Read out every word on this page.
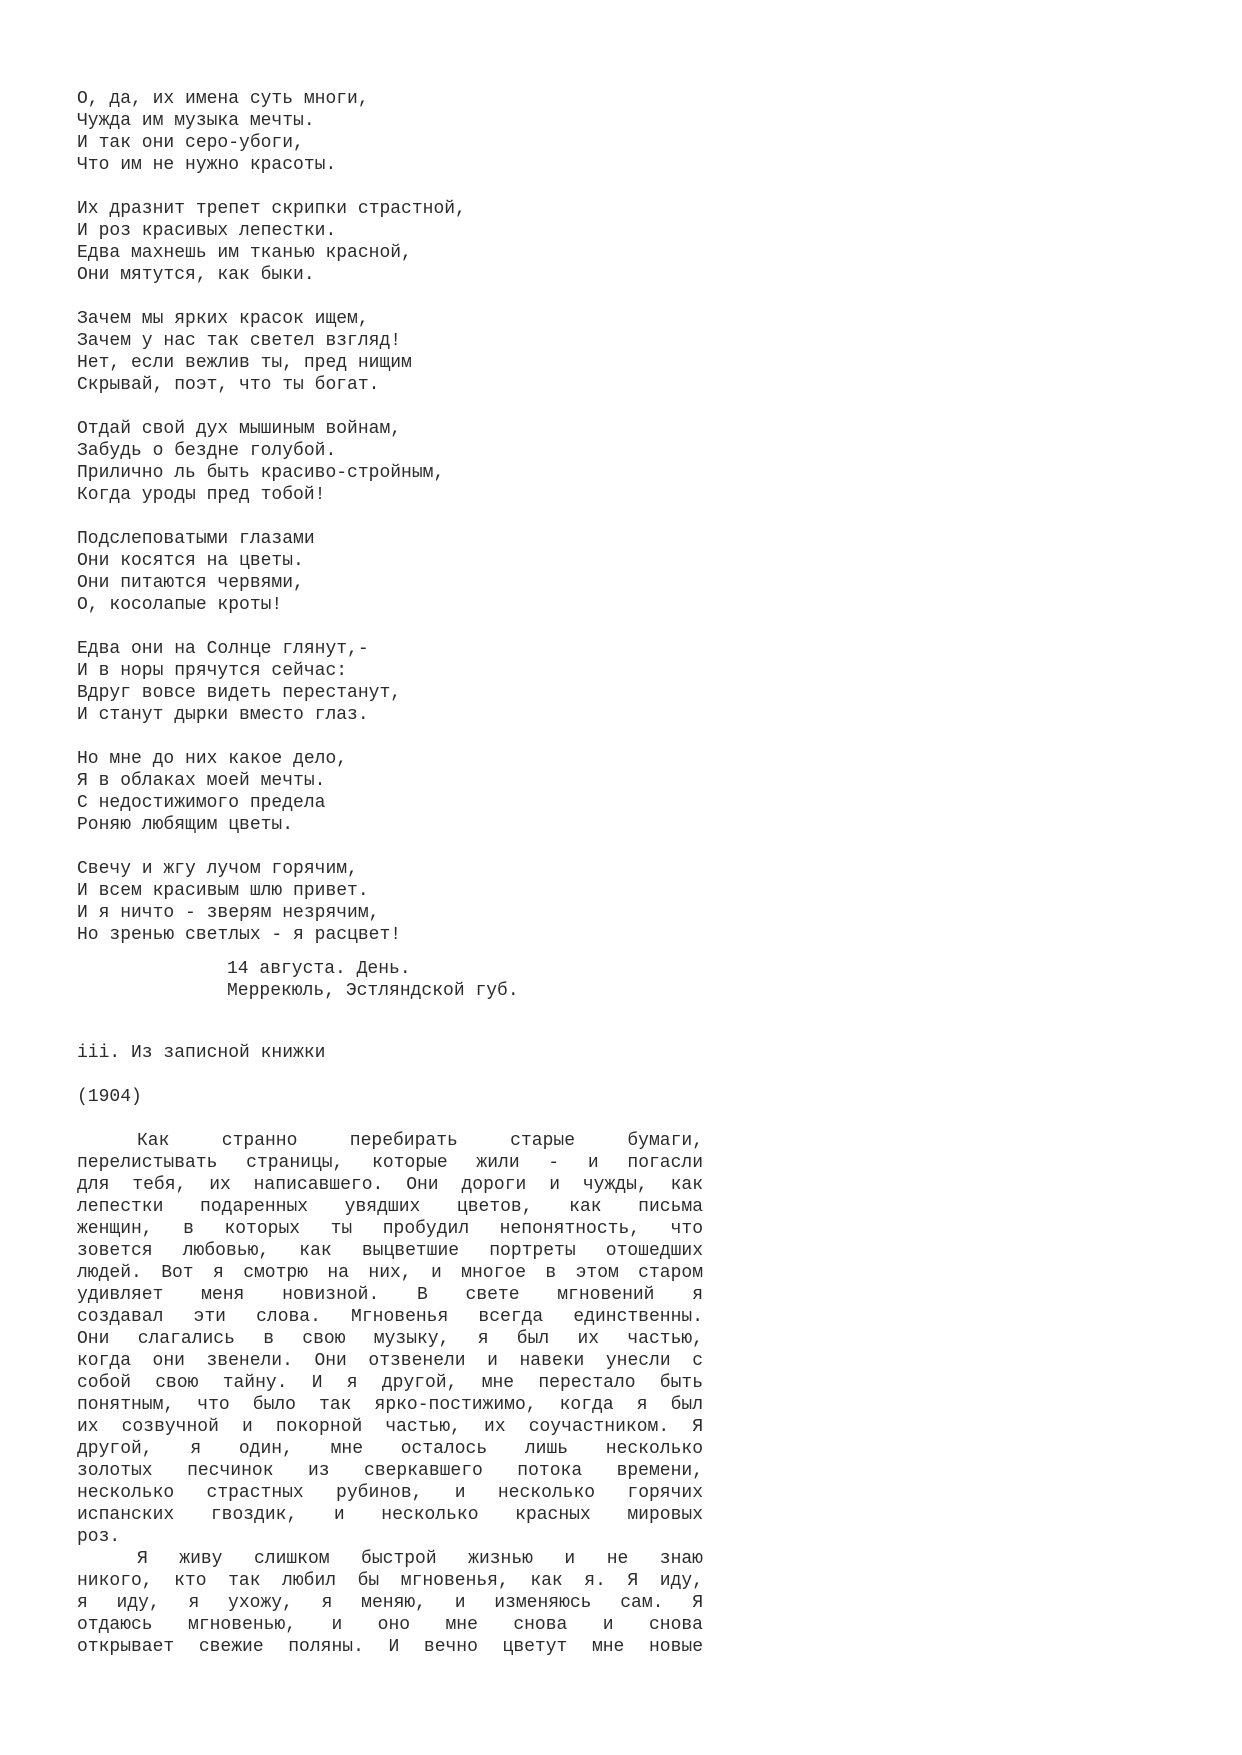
О, да, их имена суть многи,
Чужда им музыка мечты.
И так они серо-убоги,
Что им не нужно красоты.
Их дразнит трепет скрипки страстной,
И роз красивых лепестки.
Едва махнешь им тканью красной,
Они мятутся, как быки.
Зачем мы ярких красок ищем,
Зачем у нас так светел взгляд!
Нет, если вежлив ты, пред нищим
Скрывай, поэт, что ты богат.
Отдай свой дух мышиным войнам,
Забудь о бездне голубой.
Прилично ль быть красиво-стройным,
Когда уроды пред тобой!
Подслеповатыми глазами
Они косятся на цветы.
Они питаются червями,
О, косолапые кроты!
Едва они на Солнце глянут,-
И в норы прячутся сейчас:
Вдруг вовсе видеть перестанут,
И станут дырки вместо глаз.
Но мне до них какое дело,
Я в облаках моей мечты.
С недостижимого предела
Роняю любящим цветы.
Свечу и жгу лучом горячим,
И всем красивым шлю привет.
И я ничто - зверям незрячим,
Но зренью светлых - я расцвет!
14 августа. День.
Меррекюль, Эстляндской губ.
iii. Из записной книжки
(1904)
Как странно перебирать старые бумаги,
перелистывать страницы, которые жили - и погасли
для тебя, их написавшего. Они дороги и чужды, как
лепестки подаренных увядших цветов, как письма
женщин, в которых ты пробудил непонятность, что
зовется любовью, как выцветшие портреты отошедших
людей. Вот я смотрю на них, и многое в этом старом
удивляет меня новизной. В свете мгновений я
создавал эти слова. Мгновенья всегда единственны.
Они слагались в свою музыку, я был их частью,
когда они звенели. Они отзвенели и навеки унесли с
собой свою тайну. И я другой, мне перестало быть
понятным, что было так ярко-постижимо, когда я был
их созвучной и покорной частью, их соучастником. Я
другой, я один, мне осталось лишь несколько
золотых песчинок из сверкавшего потока времени,
несколько страстных рубинов, и несколько горячих
испанских гвоздик, и несколько красных мировых
роз.
Я живу слишком быстрой жизнью и не знаю
никого, кто так любил бы мгновенья, как я. Я иду,
я иду, я ухожу, я меняю, и изменяюсь сам. Я
отдаюсь мгновенью, и оно мне снова и снова
открывает свежие поляны. И вечно цветут мне новые
